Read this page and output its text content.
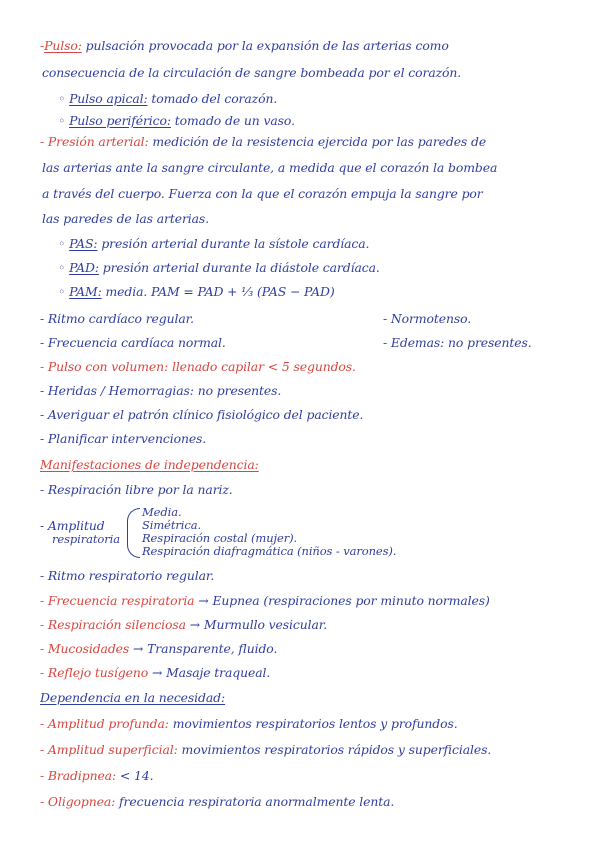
-Pulso: pulsación provocada por la expansión de las arterias como
consecuencia de la circulación de sangre bombeada por el corazón.
◦ Pulso apical: tomado del corazón.
◦ Pulso periférico: tomado de un vaso.
- Presión arterial: medición de la resistencia ejercida por las paredes de
las arterias ante la sangre circulante, a medida que el corazón la bombea
a través del cuerpo. Fuerza con la que el corazón empuja la sangre por
las paredes de las arterias.
◦ PAS: presión arterial durante la sístole cardíaca.
◦ PAD: presión arterial durante la diástole cardíaca.
◦ PAM: media. PAM = PAD + ⅓ (PAS − PAD)
- Ritmo cardíaco regular.	- Normotenso.
- Frecuencia cardíaca normal.	- Edemas: no presentes.
- Pulso con volumen: llenado capilar < 5 segundos.
- Heridas / Hemorragias: no presentes.
- Averiguar el patrón clínico fisiológico del paciente.
- Planificar intervenciones.
Manifestaciones de independencia:
- Respiración libre por la nariz.
- Amplitud
respiratoria
Media.
Simétrica.
Respiración costal (mujer).
Respiración diafragmática (niños - varones).
- Ritmo respiratorio regular.
- Frecuencia respiratoria → Eupnea (respiraciones por minuto normales)
- Respiración silenciosa → Murmullo vesicular.
- Mucosidades → Transparente, fluido.
- Reflejo tusígeno → Masaje traqueal.
Dependencia en la necesidad:
- Amplitud profunda: movimientos respiratorios lentos y profundos.
- Amplitud superficial: movimientos respiratorios rápidos y superficiales.
- Bradipnea: < 14.
- Oligopnea: frecuencia respiratoria anormalmente lenta.
